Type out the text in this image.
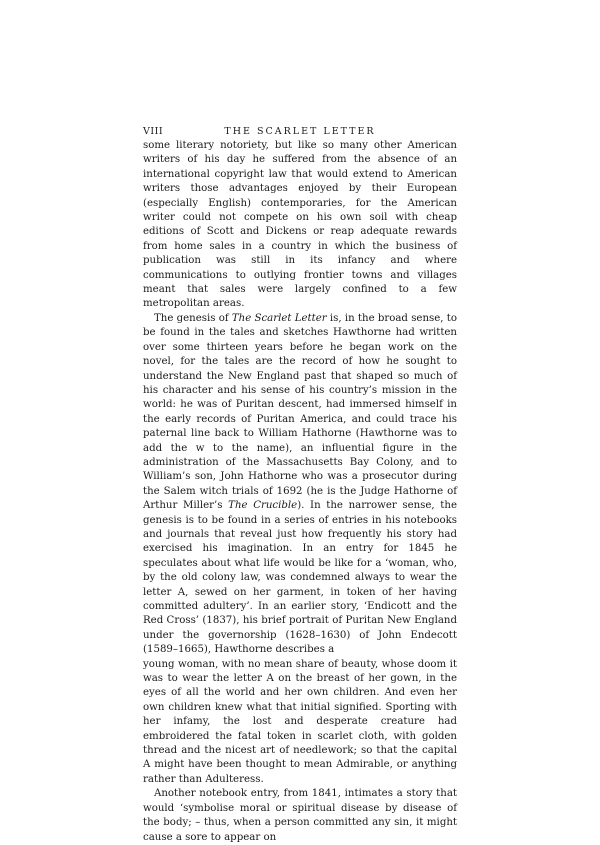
VIII	THE SCARLET LETTER

some literary notoriety, but like so many other American writers of his day he suffered from the absence of an international copyright law that would extend to American writers those advantages enjoyed by their European (especially English) contemporaries, for the American writer could not compete on his own soil with cheap editions of Scott and Dickens or reap adequate rewards from home sales in a country in which the business of publication was still in its infancy and where communications to outlying frontier towns and villages meant that sales were largely confined to a few metropolitan areas.

The genesis of The Scarlet Letter is, in the broad sense, to be found in the tales and sketches Hawthorne had written over some thirteen years before he began work on the novel, for the tales are the record of how he sought to understand the New England past that shaped so much of his character and his sense of his country’s mission in the world: he was of Puritan descent, had immersed himself in the early records of Puritan America, and could trace his paternal line back to William Hathorne (Hawthorne was to add the w to the name), an influential figure in the administration of the Massachusetts Bay Colony, and to William’s son, John Hathorne who was a prosecutor during the Salem witch trials of 1692 (he is the Judge Hathorne of Arthur Miller’s The Crucible). In the narrower sense, the genesis is to be found in a series of entries in his notebooks and journals that reveal just how frequently his story had exercised his imagination. In an entry for 1845 he speculates about what life would be like for a ‘woman, who, by the old colony law, was condemned always to wear the letter A, sewed on her garment, in token of her having committed adultery’. In an earlier story, ‘Endicott and the Red Cross’ (1837), his brief portrait of Puritan New England under the governorship (1628–1630) of John Endecott (1589–1665), Hawthorne describes a

young woman, with no mean share of beauty, whose doom it was to wear the letter A on the breast of her gown, in the eyes of all the world and her own children. And even her own children knew what that initial signified. Sporting with her infamy, the lost and desperate creature had embroidered the fatal token in scarlet cloth, with golden thread and the nicest art of needlework; so that the capital A might have been thought to mean Admirable, or anything rather than Adulteress.

Another notebook entry, from 1841, intimates a story that would ‘symbolise moral or spiritual disease by disease of the body; – thus, when a person committed any sin, it might cause a sore to appear on
